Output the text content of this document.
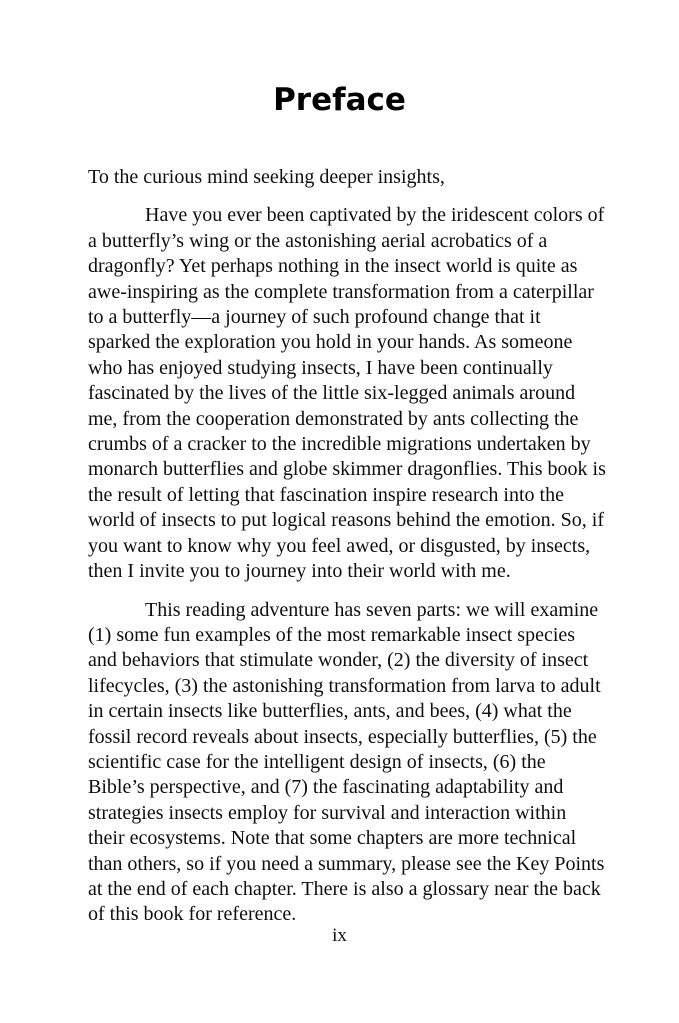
Preface

To the curious mind seeking deeper insights,

Have you ever been captivated by the iridescent colors of a butterfly’s wing or the astonishing aerial acrobatics of a dragonfly? Yet perhaps nothing in the insect world is quite as awe-inspiring as the complete transformation from a caterpillar to a butterfly—a journey of such profound change that it sparked the exploration you hold in your hands. As someone who has enjoyed studying insects, I have been continually fascinated by the lives of the little six-legged animals around me, from the cooperation demonstrated by ants collecting the crumbs of a cracker to the incredible migrations undertaken by monarch butterflies and globe skimmer dragonflies. This book is the result of letting that fascination inspire research into the world of insects to put logical reasons behind the emotion. So, if you want to know why you feel awed, or disgusted, by insects, then I invite you to journey into their world with me.

This reading adventure has seven parts: we will examine (1) some fun examples of the most remarkable insect species and behaviors that stimulate wonder, (2) the diversity of insect lifecycles, (3) the astonishing transformation from larva to adult in certain insects like butterflies, ants, and bees, (4) what the fossil record reveals about insects, especially butterflies, (5) the scientific case for the intelligent design of insects, (6) the Bible’s perspective, and (7) the fascinating adaptability and strategies insects employ for survival and interaction within their ecosystems. Note that some chapters are more technical than others, so if you need a summary, please see the Key Points at the end of each chapter. There is also a glossary near the back of this book for reference.

ix
